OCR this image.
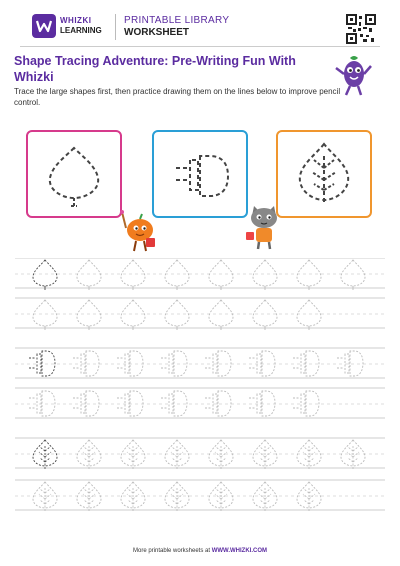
WHIZKI
LEARNING
PRINTABLE LIBRARY
WORKSHEET
Shape Tracing Adventure: Pre-Writing Fun With Whizki
Trace the large shapes first, then practice drawing them on the lines below to improve pencil control.
More printable worksheets at WWW.WHIZKI.COM
